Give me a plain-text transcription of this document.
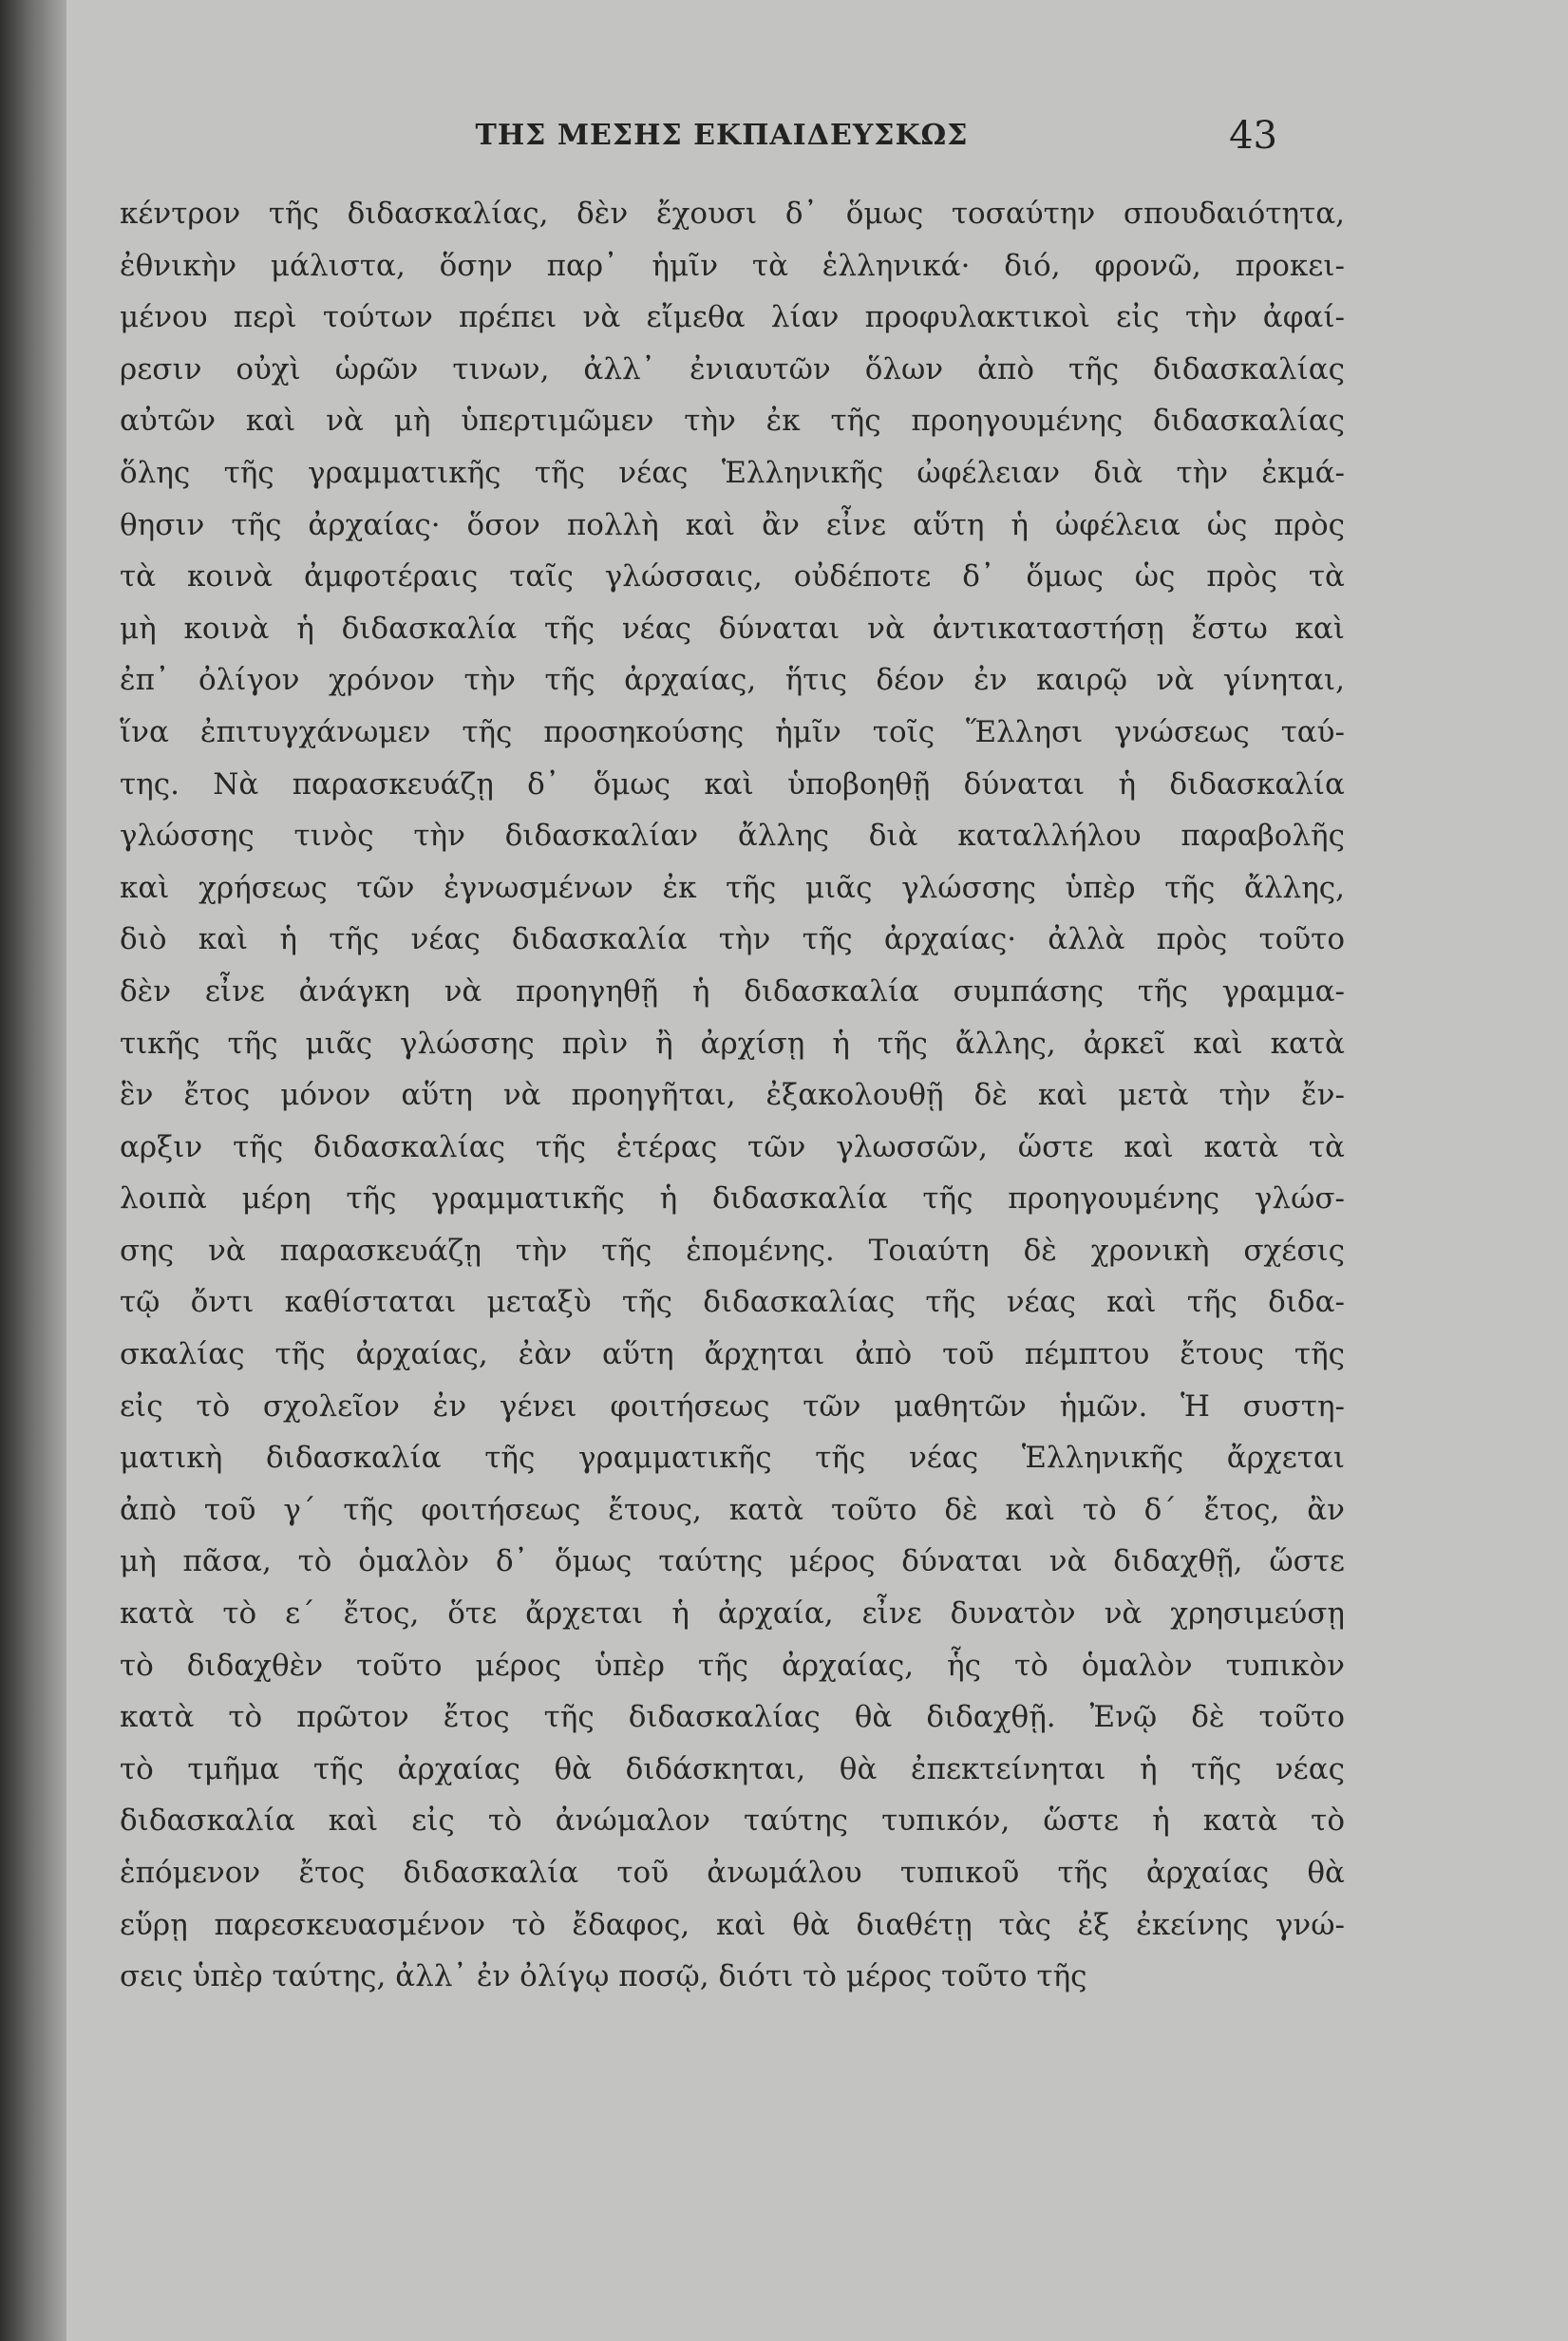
ΤΗΣ ΜΕΣΗΣ ΕΚΠΑΙΔΕΥΣΚΩΣ	43
κέντρον τῆς διδασκαλίας, δὲν ἔχουσι δ᾽ ὅμως τοσαύτην σπουδαιότητα,
ἐθνικὴν μάλιστα, ὅσην παρ᾽ ἡμῖν τὰ ἑλληνικά· διό, φρονῶ, προκει-
μένου περὶ τούτων πρέπει νὰ εἴμεθα λίαν προφυλακτικοὶ εἰς τὴν ἀφαί-
ρεσιν οὐχὶ ὡρῶν τινων, ἀλλ᾽ ἐνιαυτῶν ὅλων ἀπὸ τῆς διδασκαλίας
αὐτῶν καὶ νὰ μὴ ὑπερτιμῶμεν τὴν ἐκ τῆς προηγουμένης διδασκαλίας
ὅλης τῆς γραμματικῆς τῆς νέας Ἑλληνικῆς ὠφέλειαν διὰ τὴν ἐκμά-
θησιν τῆς ἀρχαίας· ὅσον πολλὴ καὶ ἂν εἶνε αὕτη ἡ ὠφέλεια ὡς πρὸς
τὰ κοινὰ ἀμφοτέραις ταῖς γλώσσαις, οὐδέποτε δ᾽ ὅμως ὡς πρὸς τὰ
μὴ κοινὰ ἡ διδασκαλία τῆς νέας δύναται νὰ ἀντικαταστήσῃ ἔστω καὶ
ἐπ᾽ ὀλίγον χρόνον τὴν τῆς ἀρχαίας, ἥτις δέον ἐν καιρῷ νὰ γίνηται,
ἵνα ἐπιτυγχάνωμεν τῆς προσηκούσης ἡμῖν τοῖς Ἕλλησι γνώσεως ταύ-
της. Νὰ παρασκευάζῃ δ᾽ ὅμως καὶ ὑποβοηθῇ δύναται ἡ διδασκαλία
γλώσσης τινὸς τὴν διδασκαλίαν ἄλλης διὰ καταλλήλου παραβολῆς
καὶ χρήσεως τῶν ἐγνωσμένων ἐκ τῆς μιᾶς γλώσσης ὑπὲρ τῆς ἄλλης,
διὸ καὶ ἡ τῆς νέας διδασκαλία τὴν τῆς ἀρχαίας· ἀλλὰ πρὸς τοῦτο
δὲν εἶνε ἀνάγκη νὰ προηγηθῇ ἡ διδασκαλία συμπάσης τῆς γραμμα-
τικῆς τῆς μιᾶς γλώσσης πρὶν ἢ ἀρχίσῃ ἡ τῆς ἄλλης, ἀρκεῖ καὶ κατὰ
ἓν ἔτος μόνον αὕτη νὰ προηγῆται, ἐξακολουθῇ δὲ καὶ μετὰ τὴν ἔν-
αρξιν τῆς διδασκαλίας τῆς ἑτέρας τῶν γλωσσῶν, ὥστε καὶ κατὰ τὰ
λοιπὰ μέρη τῆς γραμματικῆς ἡ διδασκαλία τῆς προηγουμένης γλώσ-
σης νὰ παρασκευάζῃ τὴν τῆς ἑπομένης. Τοιαύτη δὲ χρονικὴ σχέσις
τῷ ὄντι καθίσταται μεταξὺ τῆς διδασκαλίας τῆς νέας καὶ τῆς διδα-
σκαλίας τῆς ἀρχαίας, ἐὰν αὕτη ἄρχηται ἀπὸ τοῦ πέμπτου ἔτους τῆς
εἰς τὸ σχολεῖον ἐν γένει φοιτήσεως τῶν μαθητῶν ἡμῶν. Ἡ συστη-
ματικὴ διδασκαλία τῆς γραμματικῆς τῆς νέας Ἑλληνικῆς ἄρχεται
ἀπὸ τοῦ γ΄ τῆς φοιτήσεως ἔτους, κατὰ τοῦτο δὲ καὶ τὸ δ΄ ἔτος, ἂν
μὴ πᾶσα, τὸ ὁμαλὸν δ᾽ ὅμως ταύτης μέρος δύναται νὰ διδαχθῇ, ὥστε
κατὰ τὸ ε΄ ἔτος, ὅτε ἄρχεται ἡ ἀρχαία, εἶνε δυνατὸν νὰ χρησιμεύσῃ
τὸ διδαχθὲν τοῦτο μέρος ὑπὲρ τῆς ἀρχαίας, ἧς τὸ ὁμαλὸν τυπικὸν
κατὰ τὸ πρῶτον ἔτος τῆς διδασκαλίας θὰ διδαχθῇ. Ἐνῷ δὲ τοῦτο
τὸ τμῆμα τῆς ἀρχαίας θὰ διδάσκηται, θὰ ἐπεκτείνηται ἡ τῆς νέας
διδασκαλία καὶ εἰς τὸ ἀνώμαλον ταύτης τυπικόν, ὥστε ἡ κατὰ τὸ
ἑπόμενον ἔτος διδασκαλία τοῦ ἀνωμάλου τυπικοῦ τῆς ἀρχαίας θὰ
εὕρῃ παρεσκευασμένον τὸ ἔδαφος, καὶ θὰ διαθέτῃ τὰς ἐξ ἐκείνης γνώ-
σεις ὑπὲρ ταύτης, ἀλλ᾽ ἐν ὀλίγῳ ποσῷ, διότι τὸ μέρος τοῦτο τῆς
